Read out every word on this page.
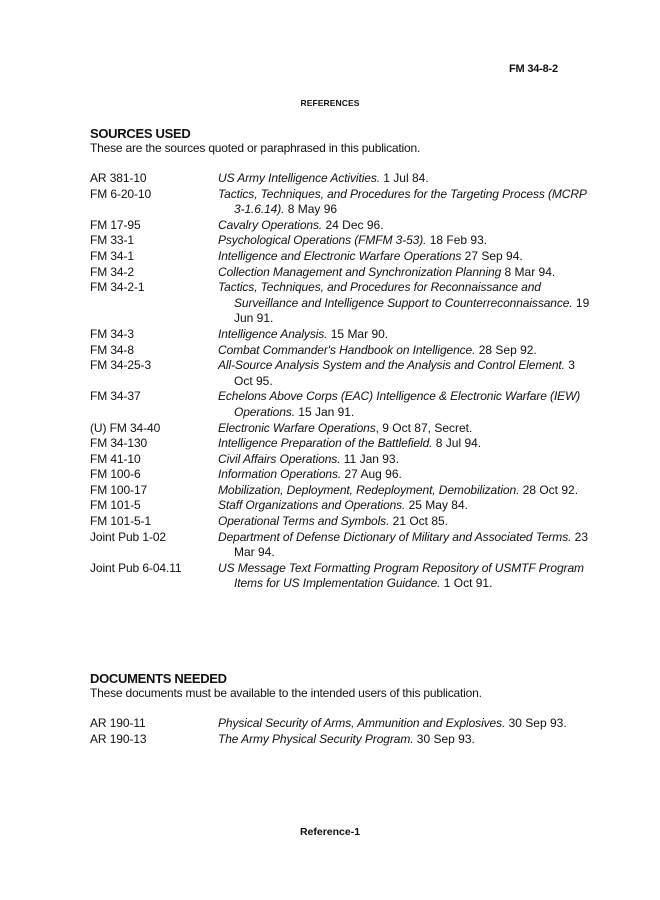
FM 34-8-2
REFERENCES
SOURCES USED
These are the sources quoted or paraphrased in this publication.
AR 381-10	US Army Intelligence Activities. 1 Jul 84.
FM 6-20-10	Tactics, Techniques, and Procedures for the Targeting Process (MCRP 3-1.6.14). 8 May 96
FM 17-95	Cavalry Operations. 24 Dec 96.
FM 33-1	Psychological Operations (FMFM 3-53). 18 Feb 93.
FM 34-1	Intelligence and Electronic Warfare Operations 27 Sep 94.
FM 34-2	Collection Management and Synchronization Planning 8 Mar 94.
FM 34-2-1	Tactics, Techniques, and Procedures for Reconnaissance and Surveillance and Intelligence Support to Counterreconnaissance. 19 Jun 91.
FM 34-3	Intelligence Analysis. 15 Mar 90.
FM 34-8	Combat Commander's Handbook on Intelligence. 28 Sep 92.
FM 34-25-3	All-Source Analysis System and the Analysis and Control Element. 3 Oct 95.
FM 34-37	Echelons Above Corps (EAC) Intelligence & Electronic Warfare (IEW) Operations. 15 Jan 91.
(U) FM 34-40	Electronic Warfare Operations, 9 Oct 87, Secret.
FM 34-130	Intelligence Preparation of the Battlefield. 8 Jul 94.
FM 41-10	Civil Affairs Operations. 11 Jan 93.
FM 100-6	Information Operations. 27 Aug 96.
FM 100-17	Mobilization, Deployment, Redeployment, Demobilization. 28 Oct 92.
FM 101-5	Staff Organizations and Operations. 25 May 84.
FM 101-5-1	Operational Terms and Symbols. 21 Oct 85.
Joint Pub 1-02	Department of Defense Dictionary of Military and Associated Terms. 23 Mar 94.
Joint Pub 6-04.11	US Message Text Formatting Program Repository of USMTF Program Items for US Implementation Guidance. 1 Oct 91.
DOCUMENTS NEEDED
These documents must be available to the intended users of this publication.
AR 190-11	Physical Security of Arms, Ammunition and Explosives. 30 Sep 93.
AR 190-13	The Army Physical Security Program. 30 Sep 93.
Reference-1
